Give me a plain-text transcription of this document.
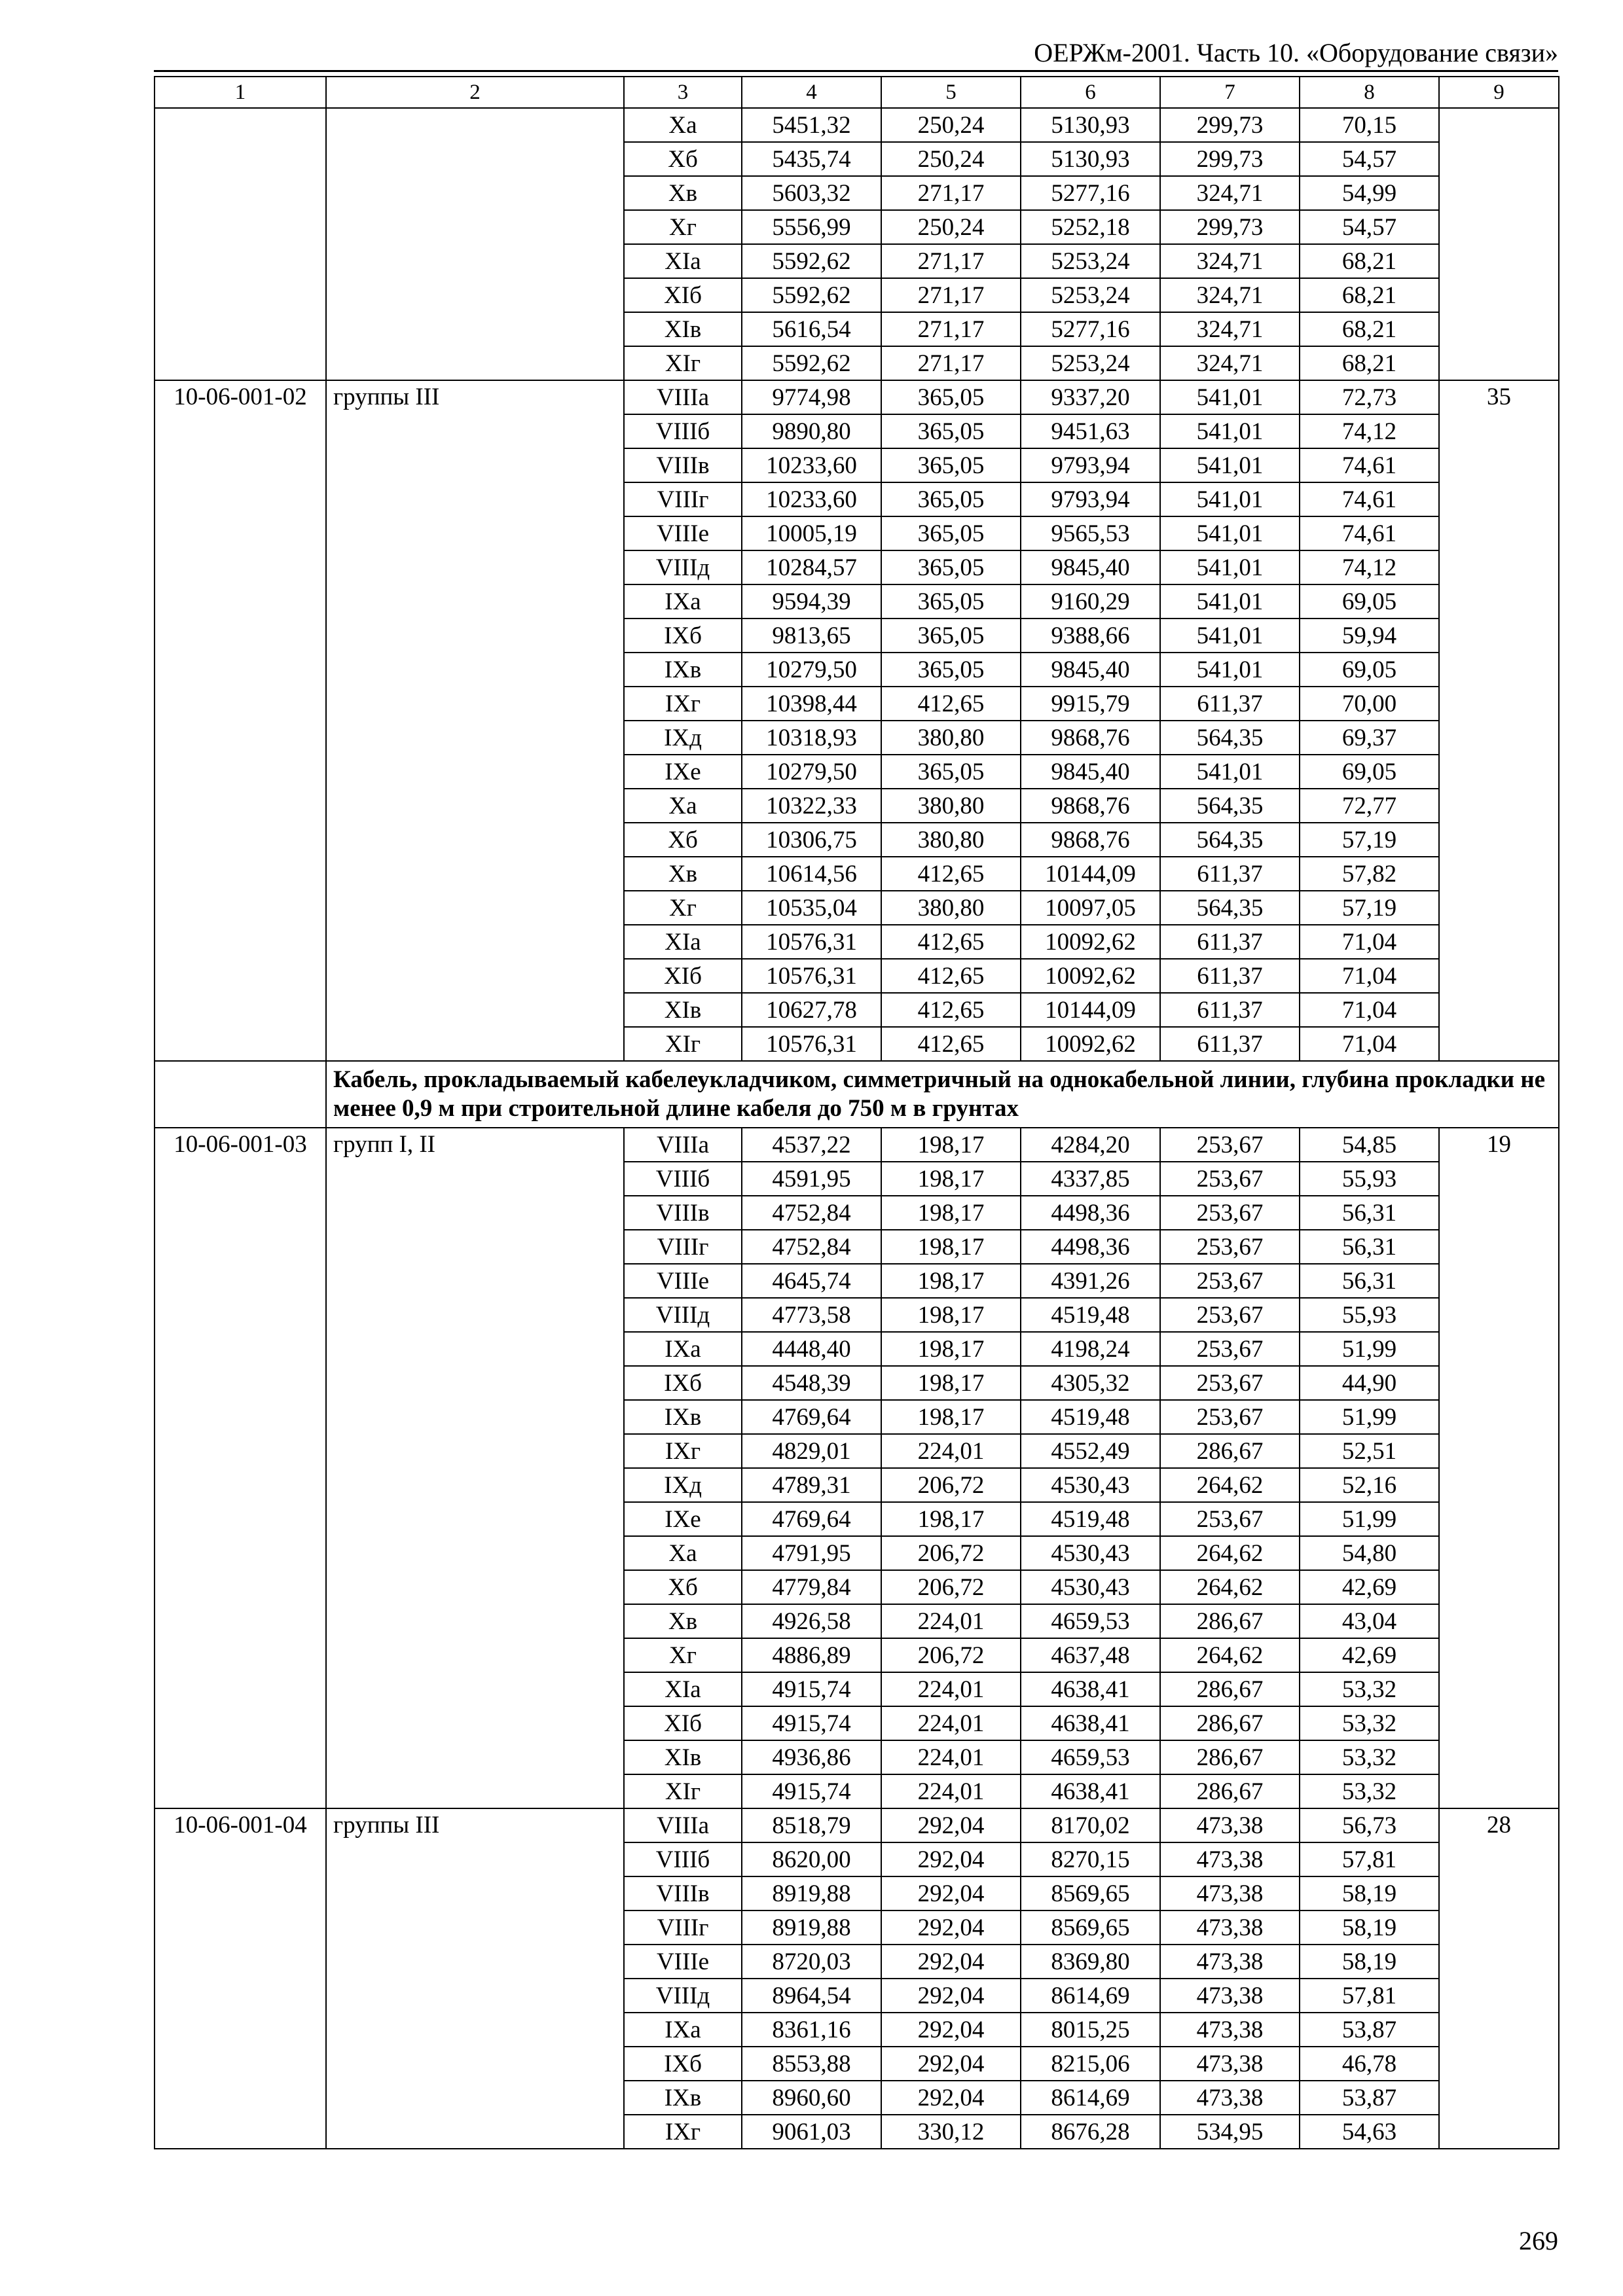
ОЕРЖм-2001. Часть 10. «Оборудование связи»
1	2	3	4	5	6	7	8	9
		Xa	5451,32	250,24	5130,93	299,73	70,15	
		Xб	5435,74	250,24	5130,93	299,73	54,57	
		Xв	5603,32	271,17	5277,16	324,71	54,99	
		Xг	5556,99	250,24	5252,18	299,73	54,57	
		XIa	5592,62	271,17	5253,24	324,71	68,21	
		XIб	5592,62	271,17	5253,24	324,71	68,21	
		XIв	5616,54	271,17	5277,16	324,71	68,21	
		XIг	5592,62	271,17	5253,24	324,71	68,21	
10-06-001-02	группы III	VIIIa	9774,98	365,05	9337,20	541,01	72,73	35
		VIIIб	9890,80	365,05	9451,63	541,01	74,12	
		VIIIв	10233,60	365,05	9793,94	541,01	74,61	
		VIIIг	10233,60	365,05	9793,94	541,01	74,61	
		VIIIe	10005,19	365,05	9565,53	541,01	74,61	
		VIIIд	10284,57	365,05	9845,40	541,01	74,12	
		IXa	9594,39	365,05	9160,29	541,01	69,05	
		IXб	9813,65	365,05	9388,66	541,01	59,94	
		IXв	10279,50	365,05	9845,40	541,01	69,05	
		IXг	10398,44	412,65	9915,79	611,37	70,00	
		IXд	10318,93	380,80	9868,76	564,35	69,37	
		IXe	10279,50	365,05	9845,40	541,01	69,05	
		Xa	10322,33	380,80	9868,76	564,35	72,77	
		Xб	10306,75	380,80	9868,76	564,35	57,19	
		Xв	10614,56	412,65	10144,09	611,37	57,82	
		Xг	10535,04	380,80	10097,05	564,35	57,19	
		XIa	10576,31	412,65	10092,62	611,37	71,04	
		XIб	10576,31	412,65	10092,62	611,37	71,04	
		XIв	10627,78	412,65	10144,09	611,37	71,04	
		XIг	10576,31	412,65	10092,62	611,37	71,04	
	Кабель, прокладываемый кабелеукладчиком, симметричный на однокабельной линии, глубина прокладки не менее 0,9 м при строительной длине кабеля до 750 м в грунтах							
10-06-001-03	групп I, II	VIIIa	4537,22	198,17	4284,20	253,67	54,85	19
		VIIIб	4591,95	198,17	4337,85	253,67	55,93	
		VIIIв	4752,84	198,17	4498,36	253,67	56,31	
		VIIIг	4752,84	198,17	4498,36	253,67	56,31	
		VIIIe	4645,74	198,17	4391,26	253,67	56,31	
		VIIIд	4773,58	198,17	4519,48	253,67	55,93	
		IXa	4448,40	198,17	4198,24	253,67	51,99	
		IXб	4548,39	198,17	4305,32	253,67	44,90	
		IXв	4769,64	198,17	4519,48	253,67	51,99	
		IXг	4829,01	224,01	4552,49	286,67	52,51	
		IXд	4789,31	206,72	4530,43	264,62	52,16	
		IXe	4769,64	198,17	4519,48	253,67	51,99	
		Xa	4791,95	206,72	4530,43	264,62	54,80	
		Xб	4779,84	206,72	4530,43	264,62	42,69	
		Xв	4926,58	224,01	4659,53	286,67	43,04	
		Xг	4886,89	206,72	4637,48	264,62	42,69	
		XIa	4915,74	224,01	4638,41	286,67	53,32	
		XIб	4915,74	224,01	4638,41	286,67	53,32	
		XIв	4936,86	224,01	4659,53	286,67	53,32	
		XIг	4915,74	224,01	4638,41	286,67	53,32	
10-06-001-04	группы III	VIIIa	8518,79	292,04	8170,02	473,38	56,73	28
		VIIIб	8620,00	292,04	8270,15	473,38	57,81	
		VIIIв	8919,88	292,04	8569,65	473,38	58,19	
		VIIIг	8919,88	292,04	8569,65	473,38	58,19	
		VIIIe	8720,03	292,04	8369,80	473,38	58,19	
		VIIIд	8964,54	292,04	8614,69	473,38	57,81	
		IXa	8361,16	292,04	8015,25	473,38	53,87	
		IXб	8553,88	292,04	8215,06	473,38	46,78	
		IXв	8960,60	292,04	8614,69	473,38	53,87	
		IXг	9061,03	330,12	8676,28	534,95	54,63	
269
